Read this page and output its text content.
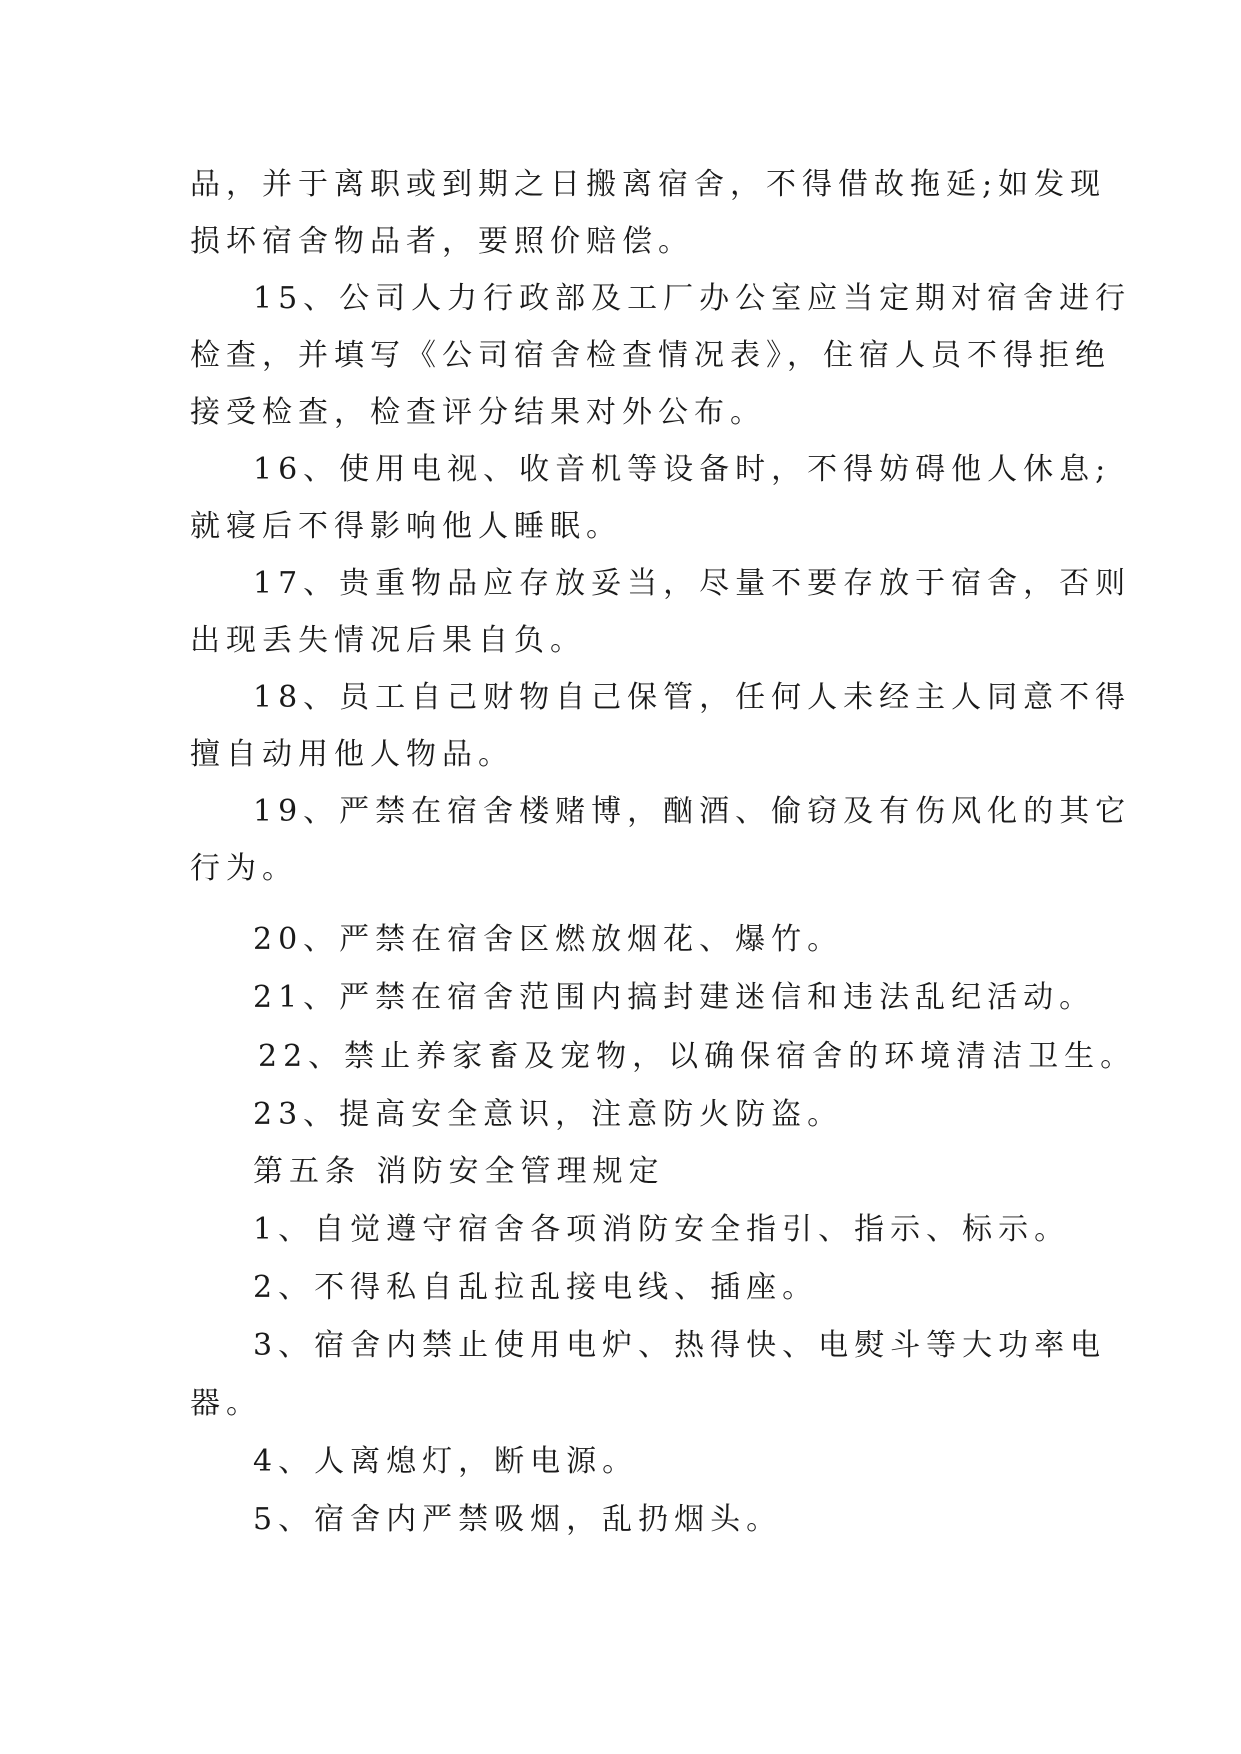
品，并于离职或到期之日搬离宿舍，不得借故拖延;如发现
损坏宿舍物品者，要照价赔偿。
15、公司人力行政部及工厂办公室应当定期对宿舍进行
检查，并填写《公司宿舍检查情况表》，住宿人员不得拒绝
接受检查，检查评分结果对外公布。
16、使用电视、收音机等设备时，不得妨碍他人休息;
就寝后不得影响他人睡眠。
17、贵重物品应存放妥当，尽量不要存放于宿舍，否则
出现丢失情况后果自负。
18、员工自己财物自己保管，任何人未经主人同意不得
擅自动用他人物品。
19、严禁在宿舍楼赌博，酗酒、偷窃及有伤风化的其它
行为。
20、严禁在宿舍区燃放烟花、爆竹。
21、严禁在宿舍范围内搞封建迷信和违法乱纪活动。
22、禁止养家畜及宠物，以确保宿舍的环境清洁卫生。
23、提高安全意识，注意防火防盗。
第五条 消防安全管理规定
1、自觉遵守宿舍各项消防安全指引、指示、标示。
2、不得私自乱拉乱接电线、插座。
3、宿舍内禁止使用电炉、热得快、电熨斗等大功率电
器。
4、人离熄灯，断电源。
5、宿舍内严禁吸烟，乱扔烟头。
